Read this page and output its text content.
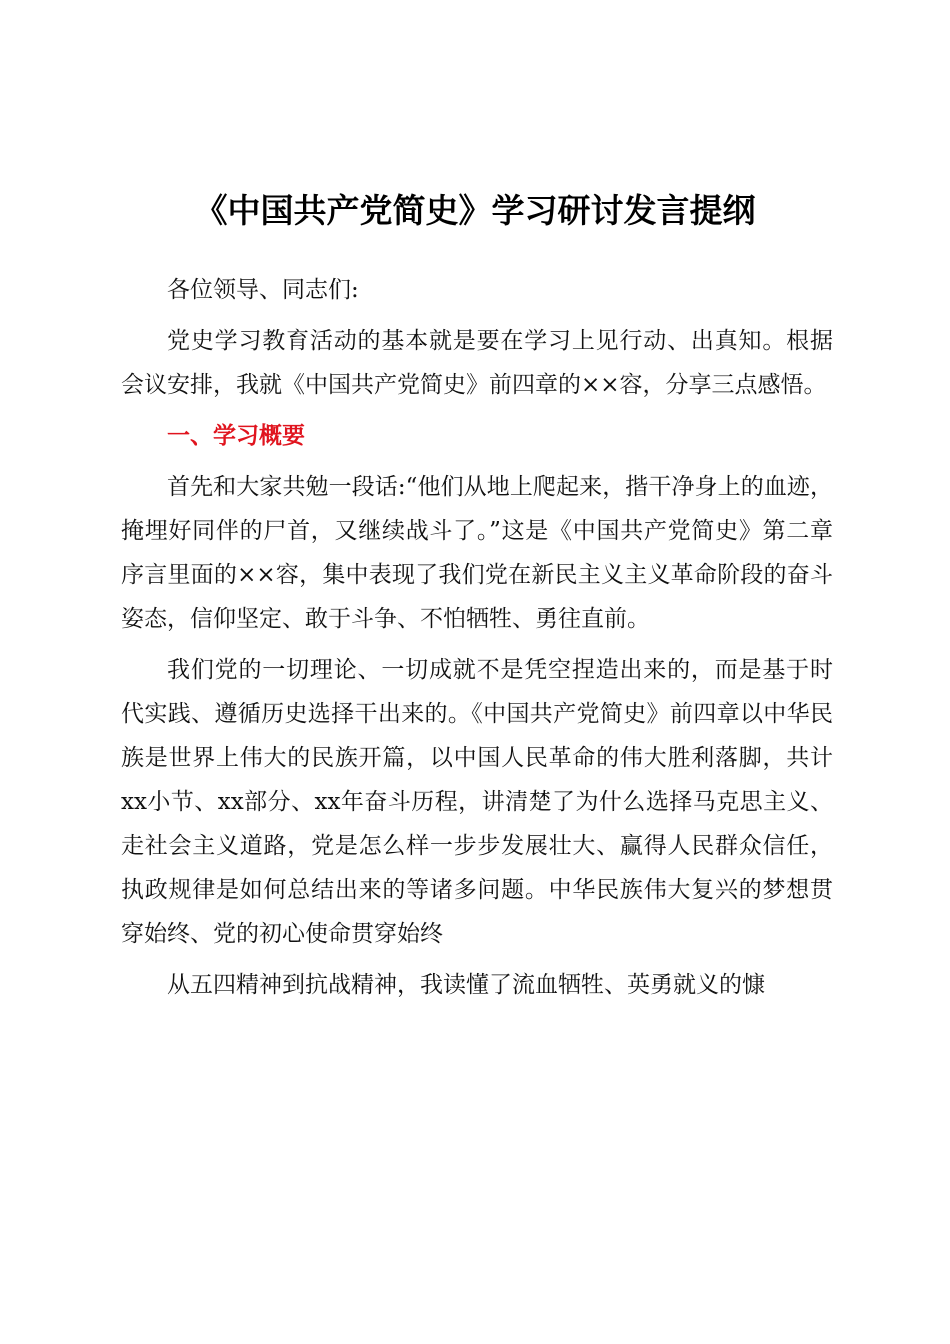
《中国共产党简史》学习研讨发言提纲

各位领导、同志们:

党史学习教育活动的基本就是要在学习上见行动、出真知。根据会议安排，我就《中国共产党简史》前四章的××容，分享三点感悟。

一、学习概要

首先和大家共勉一段话:“他们从地上爬起来，揩干净身上的血迹，掩埋好同伴的尸首，又继续战斗了。”这是《中国共产党简史》第二章序言里面的××容，集中表现了我们党在新民主义主义革命阶段的奋斗姿态，信仰坚定、敢于斗争、不怕牺牲、勇往直前。

我们党的一切理论、一切成就不是凭空捏造出来的，而是基于时代实践、遵循历史选择干出来的。《中国共产党简史》前四章以中华民族是世界上伟大的民族开篇，以中国人民革命的伟大胜利落脚，共计xx小节、xx部分、xx年奋斗历程，讲清楚了为什么选择马克思主义、走社会主义道路，党是怎么样一步步发展壮大、赢得人民群众信任，执政规律是如何总结出来的等诸多问题。中华民族伟大复兴的梦想贯穿始终、党的初心使命贯穿始终

从五四精神到抗战精神，我读懂了流血牺牲、英勇就义的慷
